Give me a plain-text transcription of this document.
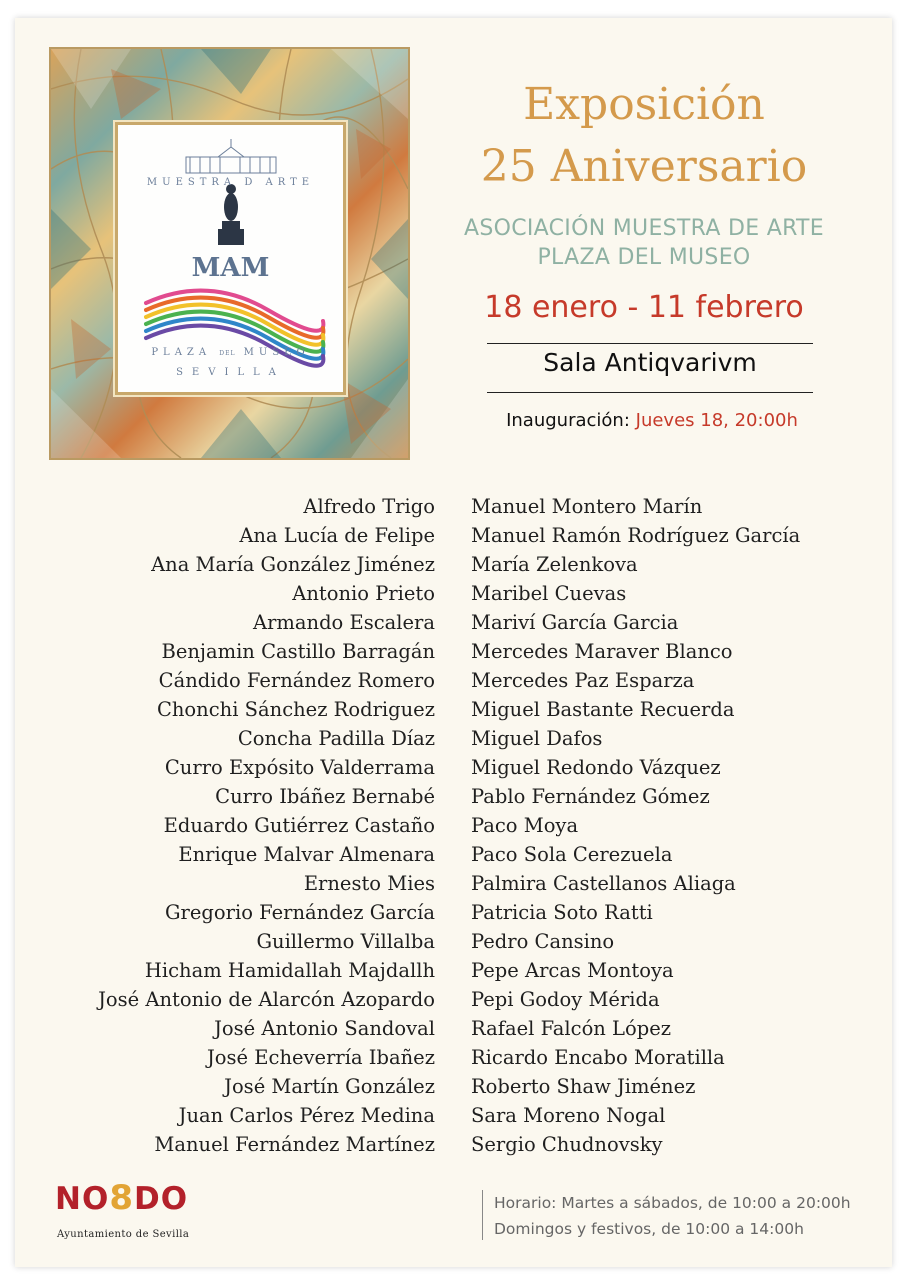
MUESTRA D ARTE
MAM
PLAZA DEL MUSEO
SEVILLA
Exposición
25 Aniversario
ASOCIACIÓN MUESTRA DE ARTE
PLAZA DEL MUSEO
18 enero - 11 febrero
Sala Antiqvarivm
Inauguración: Jueves 18, 20:00h
Alfredo Trigo
Ana Lucía de Felipe
Ana María González Jiménez
Antonio Prieto
Armando Escalera
Benjamin Castillo Barragán
Cándido Fernández Romero
Chonchi Sánchez Rodriguez
Concha Padilla Díaz
Curro Expósito Valderrama
Curro Ibáñez Bernabé
Eduardo Gutiérrez Castaño
Enrique Malvar Almenara
Ernesto Mies
Gregorio Fernández García
Guillermo Villalba
Hicham Hamidallah Majdallh
José Antonio de Alarcón Azopardo
José Antonio Sandoval
José Echeverría Ibañez
José Martín González
Juan Carlos Pérez Medina
Manuel Fernández Martínez
Manuel Montero Marín
Manuel Ramón Rodríguez García
María Zelenkova
Maribel Cuevas
Mariví García Garcia
Mercedes Maraver Blanco
Mercedes Paz Esparza
Miguel Bastante Recuerda
Miguel Dafos
Miguel Redondo Vázquez
Pablo Fernández Gómez
Paco Moya
Paco Sola Cerezuela
Palmira Castellanos Aliaga
Patricia Soto Ratti
Pedro Cansino
Pepe Arcas Montoya
Pepi Godoy Mérida
Rafael Falcón López
Ricardo Encabo Moratilla
Roberto Shaw Jiménez
Sara Moreno Nogal
Sergio Chudnovsky
NO8DO
Ayuntamiento de Sevilla
Horario: Martes a sábados, de 10:00 a 20:00h
Domingos y festivos, de 10:00 a 14:00h
